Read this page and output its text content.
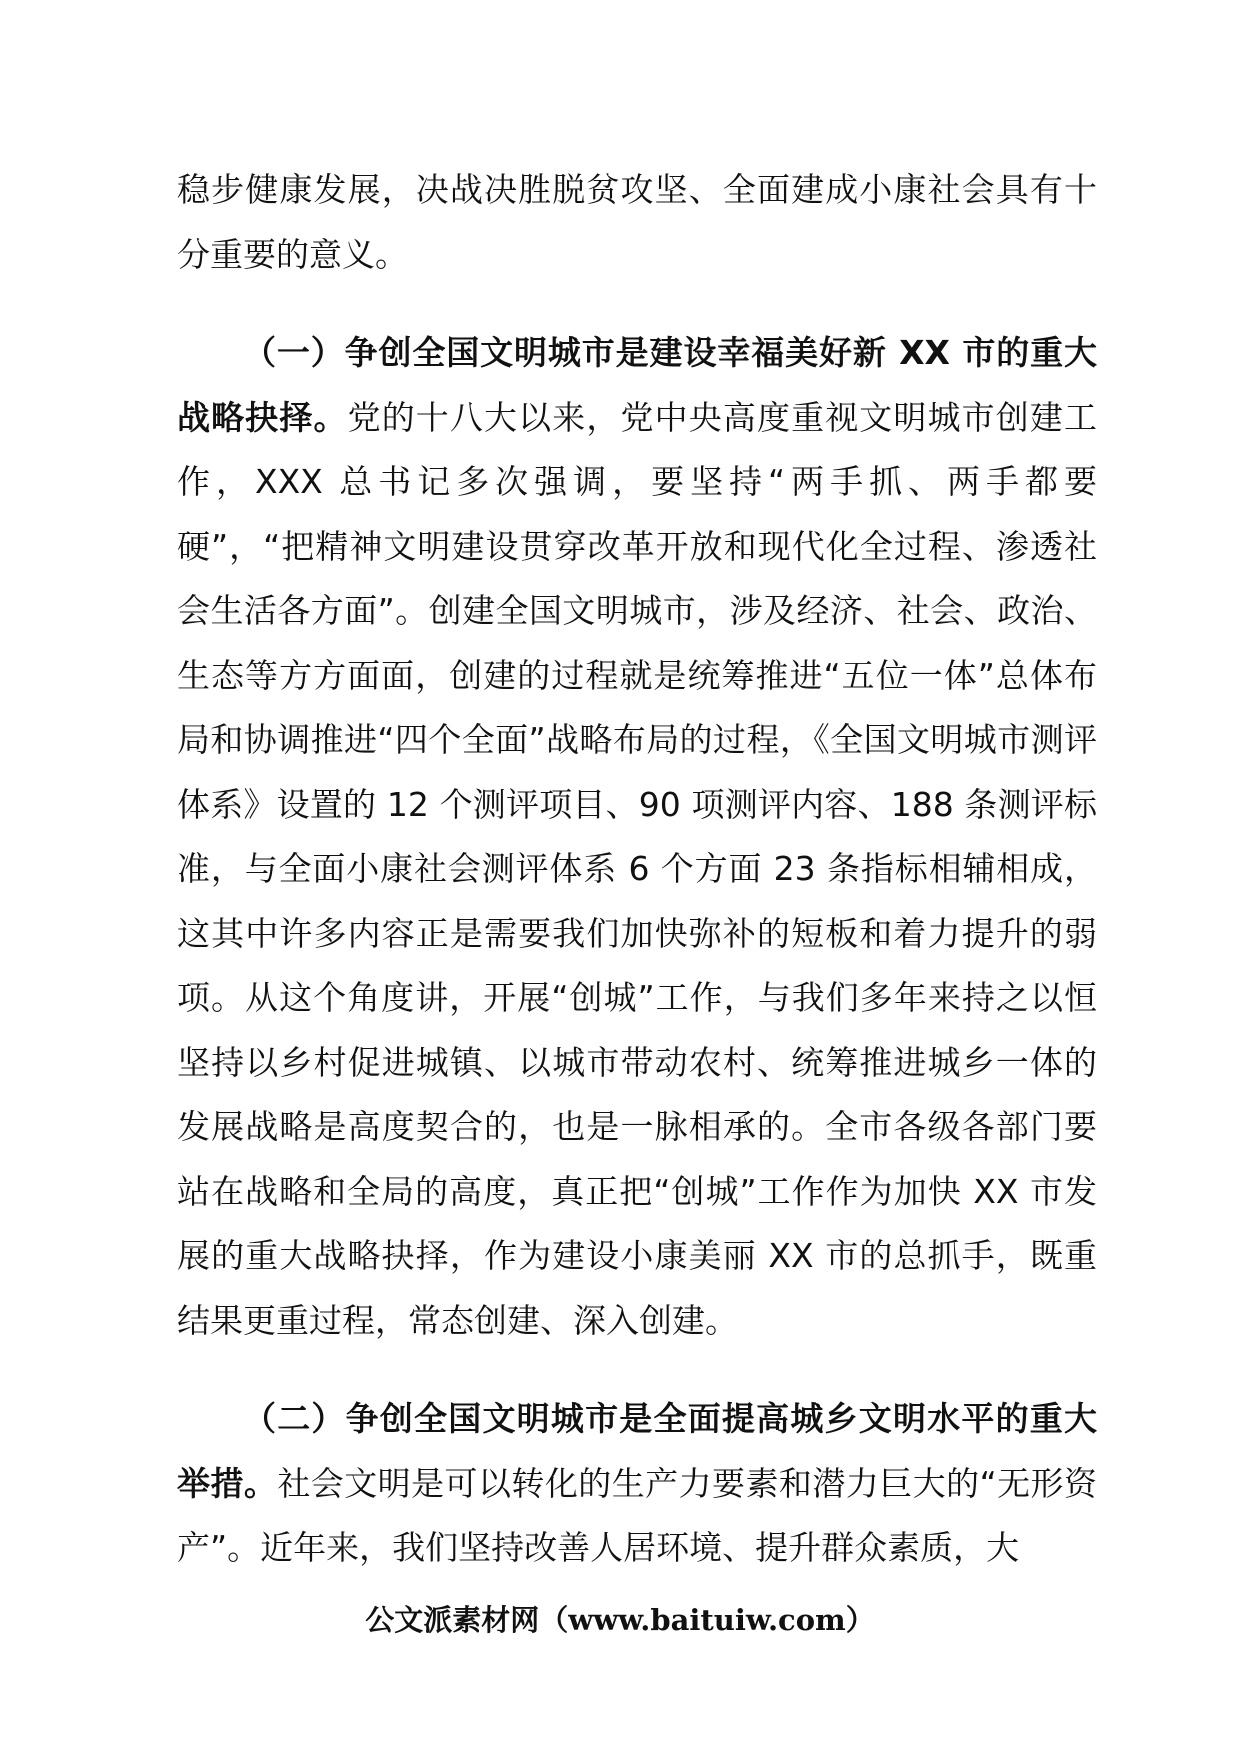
稳步健康发展，决战决胜脱贫攻坚、全面建成小康社会具有十分重要的意义。

（一）争创全国文明城市是建设幸福美好新 XX 市的重大战略抉择。党的十八大以来，党中央高度重视文明城市创建工作，XXX 总书记多次强调，要坚持“两手抓、两手都要硬”，“把精神文明建设贯穿改革开放和现代化全过程、渗透社会生活各方面”。创建全国文明城市，涉及经济、社会、政治、生态等方方面面，创建的过程就是统筹推进“五位一体”总体布局和协调推进“四个全面”战略布局的过程，《全国文明城市测评体系》设置的 12 个测评项目、90 项测评内容、188 条测评标准，与全面小康社会测评体系 6 个方面 23 条指标相辅相成，这其中许多内容正是需要我们加快弥补的短板和着力提升的弱项。从这个角度讲，开展“创城”工作，与我们多年来持之以恒坚持以乡村促进城镇、以城市带动农村、统筹推进城乡一体的发展战略是高度契合的，也是一脉相承的。全市各级各部门要站在战略和全局的高度，真正把“创城”工作作为加快 XX 市发展的重大战略抉择，作为建设小康美丽 XX 市的总抓手，既重结果更重过程，常态创建、深入创建。

（二）争创全国文明城市是全面提高城乡文明水平的重大举措。社会文明是可以转化的生产力要素和潜力巨大的“无形资产”。近年来，我们坚持改善人居环境、提升群众素质，大

公文派素材网（www.baituiw.com）
